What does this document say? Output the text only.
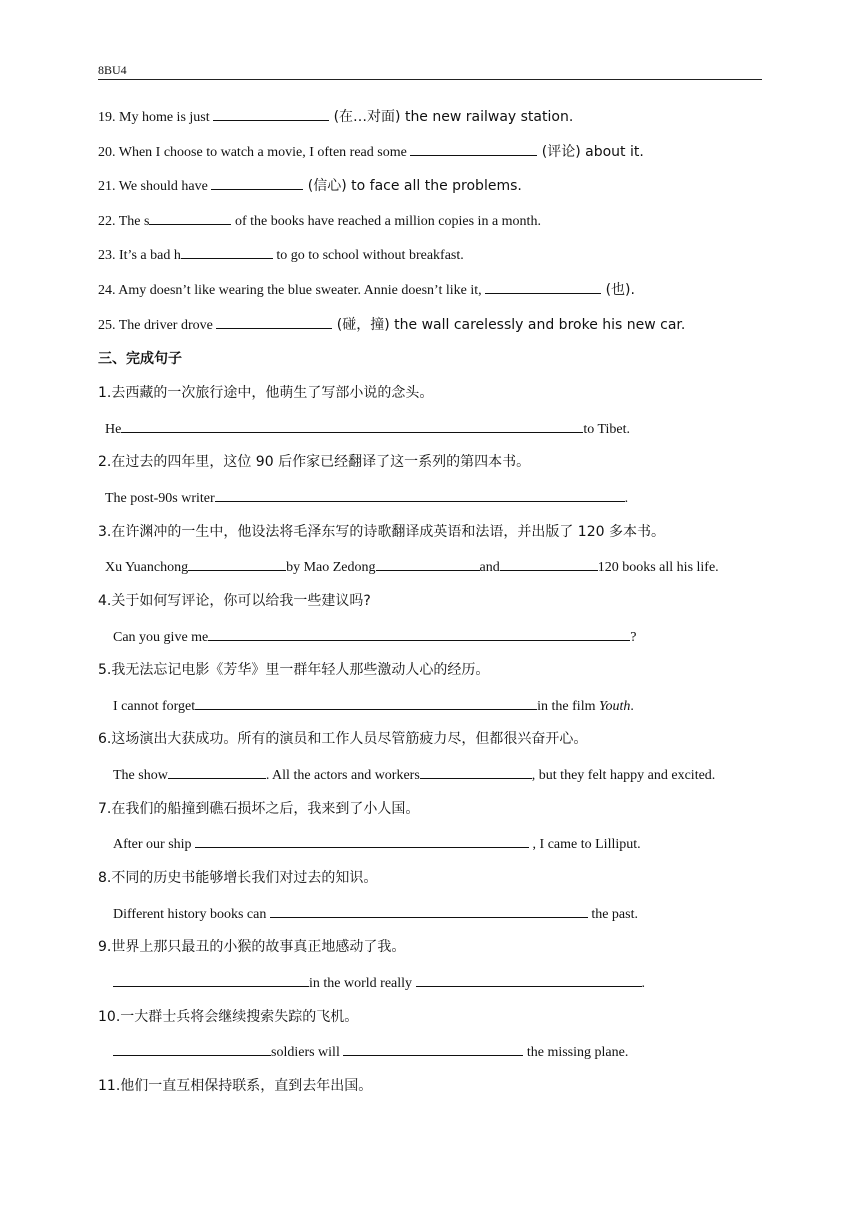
8BU4
19. My home is just	(在…对面) the new railway station.
20. When I choose to watch a movie, I often read some	(评论) about it.
21. We should have	(信心) to face all the problems.
22. The s	of the books have reached a million copies in a month.
23. It’s a bad h	to go to school without breakfast.
24. Amy doesn’t like wearing the blue sweater. Annie doesn’t like it,	(也).
25. The driver drove	(碰，撞) the wall carelessly and broke his new car.
三、完成句子
1.去西藏的一次旅行途中，他萌生了写部小说的念头。
He	to Tibet.
2.在过去的四年里，这位 90 后作家已经翻译了这一系列的第四本书。
The post-90s writer	.
3.在许渊冲的一生中，他设法将毛泽东写的诗歌翻译成英语和法语，并出版了 120 多本书。
Xu Yuanchong	by Mao Zedong	and	120 books all his life.
4.关于如何写评论，你可以给我一些建议吗?
Can you give me	?
5.我无法忘记电影《芳华》里一群年轻人那些激动人心的经历。
I cannot forget	in the film Youth.
6.这场演出大获成功。所有的演员和工作人员尽管筋疲力尽，但都很兴奋开心。
The show	. All the actors and workers	, but they felt happy and excited.
7.在我们的船撞到礁石损坏之后，我来到了小人国。
After our ship	, I came to Lilliput.
8.不同的历史书能够增长我们对过去的知识。
Different history books can	the past.
9.世界上那只最丑的小猴的故事真正地感动了我。
in the world really	.
10.一大群士兵将会继续搜索失踪的飞机。
soldiers will	the missing plane.
11.他们一直互相保持联系，直到去年出国。
